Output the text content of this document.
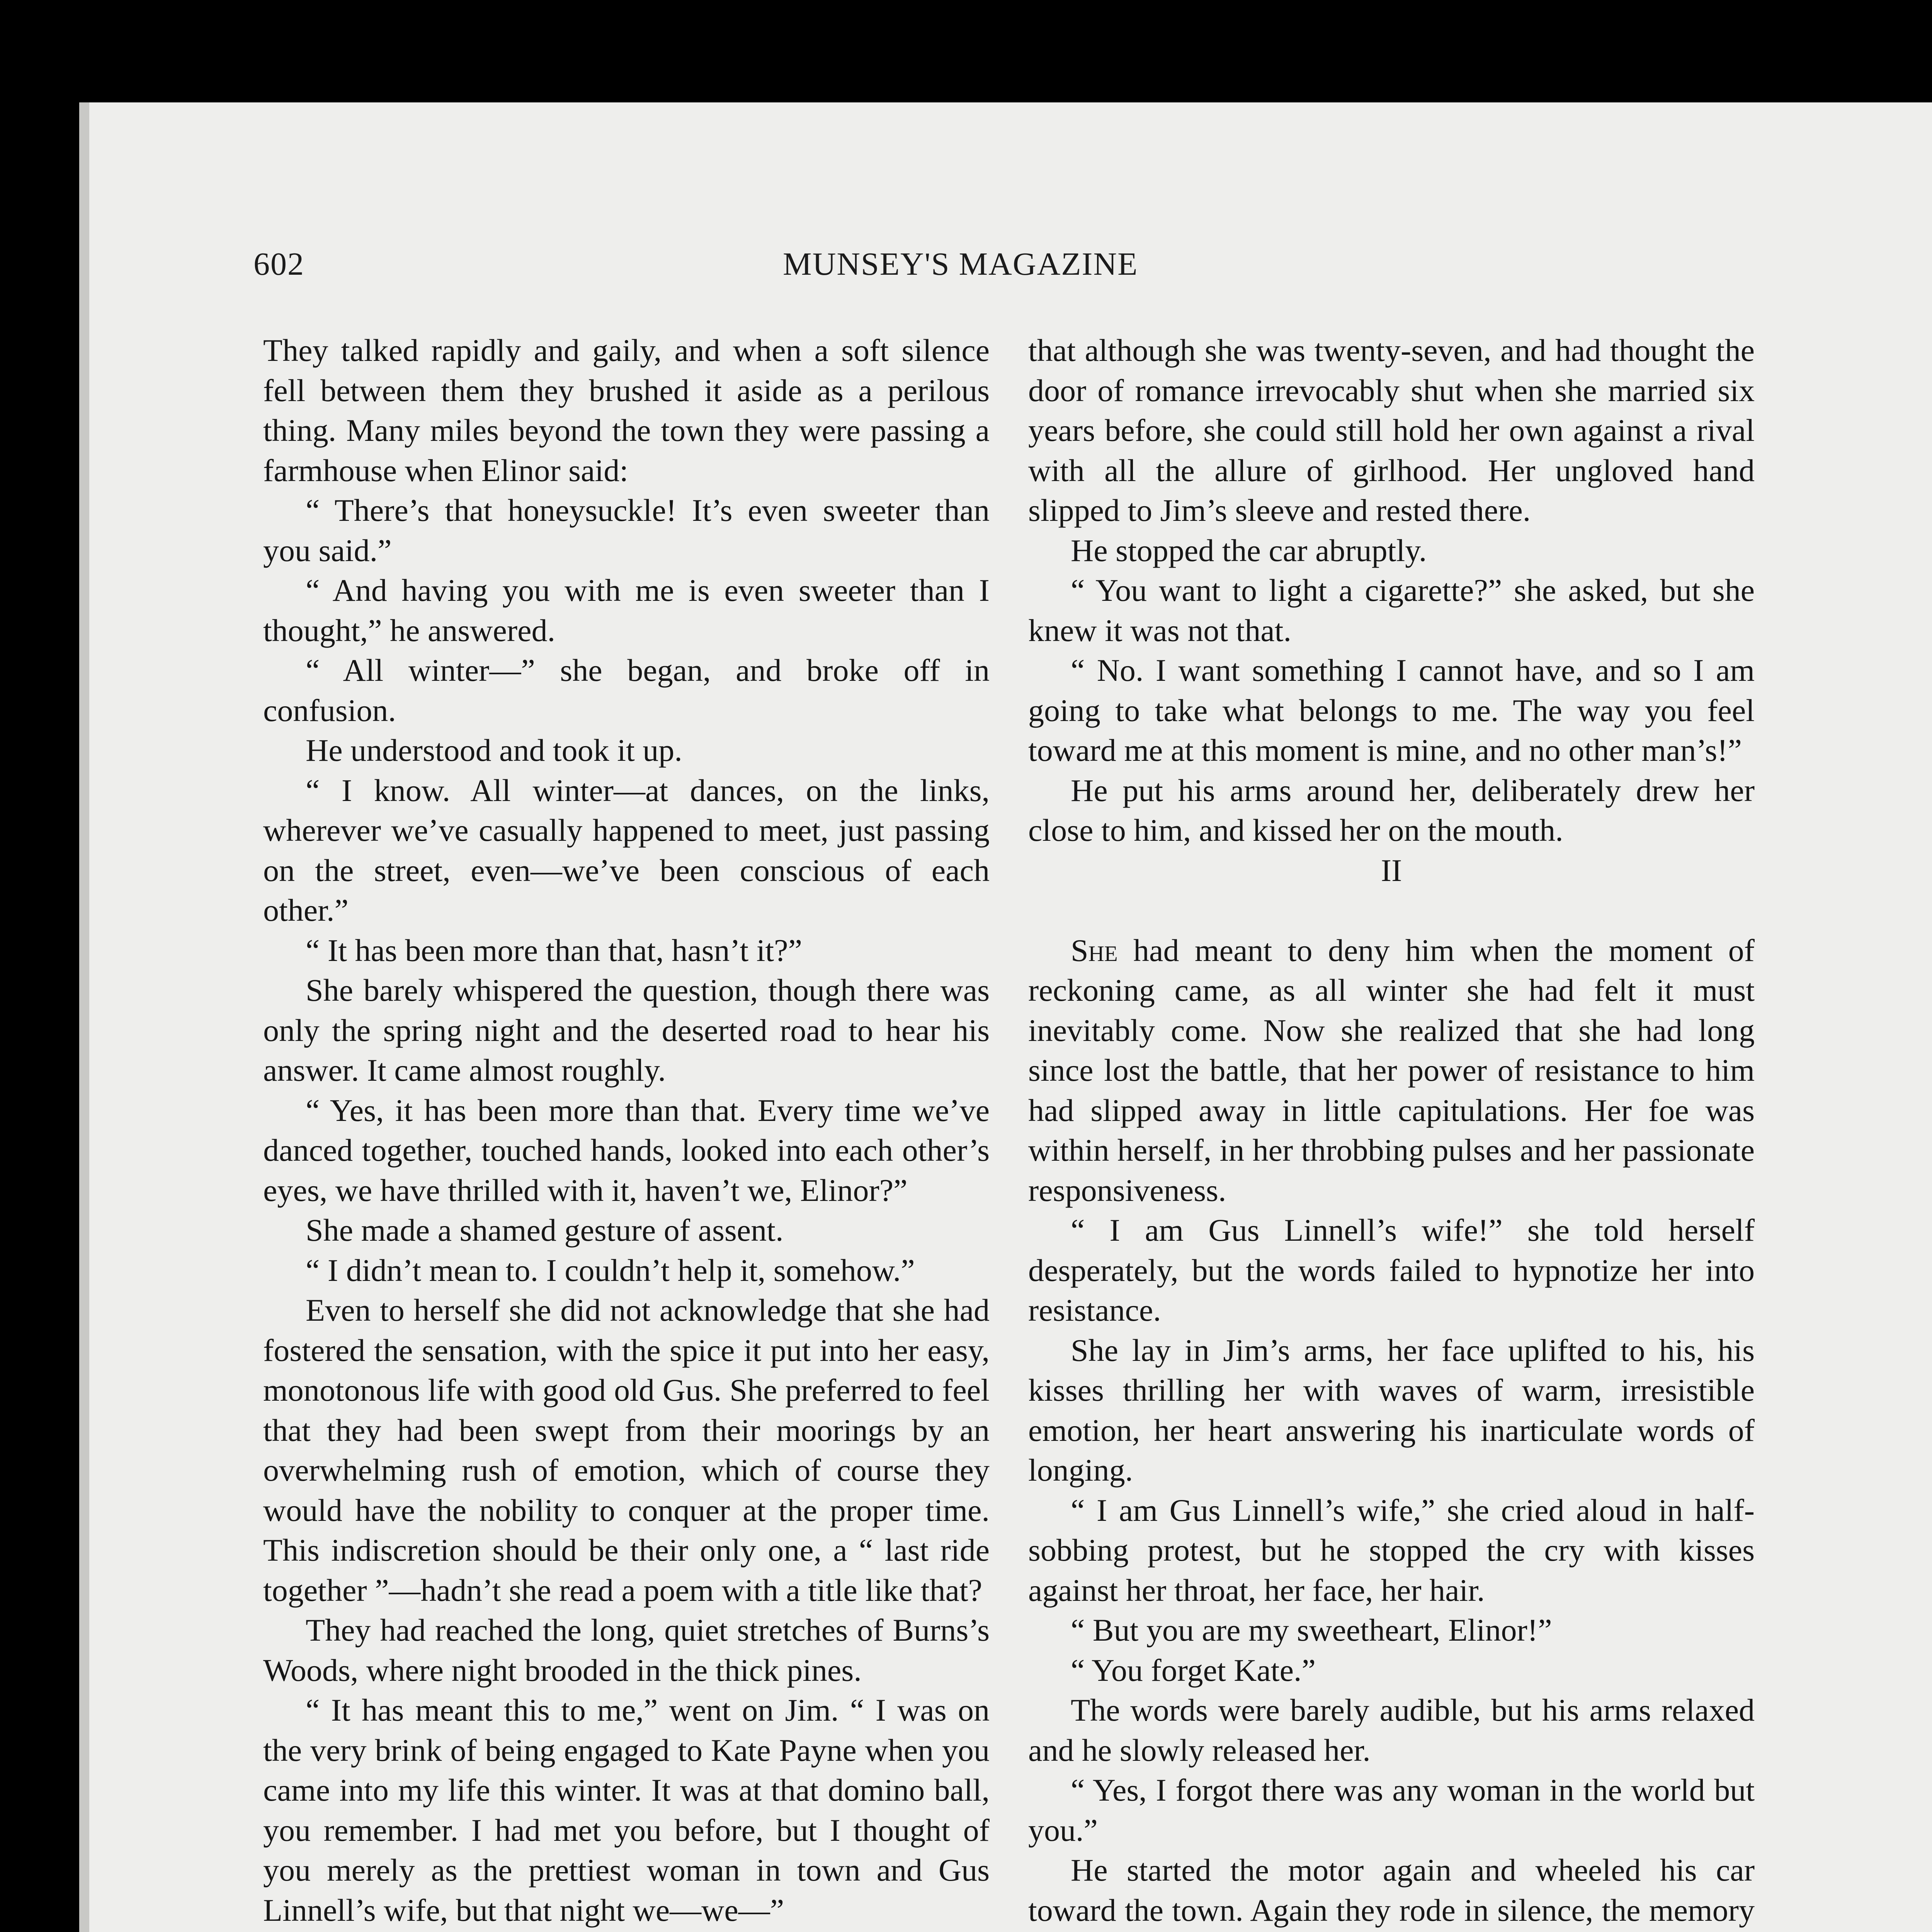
602	MUNSEY'S MAGAZINE

They talked rapidly and gaily, and when a soft silence fell between them they brushed it aside as a perilous thing. Many miles beyond the town they were passing a farmhouse when Elinor said:

“ There’s that honeysuckle! It’s even sweeter than you said.”

“ And having you with me is even sweeter than I thought,” he answered.

“ All winter—” she began, and broke off in confusion.

He understood and took it up.

“ I know. All winter—at dances, on the links, wherever we’ve casually happened to meet, just passing on the street, even—we’ve been conscious of each other.”

“ It has been more than that, hasn’t it?”

She barely whispered the question, though there was only the spring night and the deserted road to hear his answer. It came almost roughly.

“ Yes, it has been more than that. Every time we’ve danced together, touched hands, looked into each other’s eyes, we have thrilled with it, haven’t we, Elinor?”

She made a shamed gesture of assent.

“ I didn’t mean to. I couldn’t help it, somehow.”

Even to herself she did not acknowledge that she had fostered the sensation, with the spice it put into her easy, monotonous life with good old Gus. She preferred to feel that they had been swept from their moorings by an overwhelming rush of emotion, which of course they would have the nobility to conquer at the proper time. This indiscretion should be their only one, a “ last ride together ”—hadn’t she read a poem with a title like that?

They had reached the long, quiet stretches of Burns’s Woods, where night brooded in the thick pines.

“ It has meant this to me,” went on Jim. “ I was on the very brink of being engaged to Kate Payne when you came into my life this winter. It was at that domino ball, you remember. I had met you before, but I thought of you merely as the prettiest woman in town and Gus Linnell’s wife, but that night we—we—”

that although she was twenty-seven, and had thought the door of romance irrevocably shut when she married six years before, she could still hold her own against a rival with all the allure of girlhood. Her ungloved hand slipped to Jim’s sleeve and rested there.

He stopped the car abruptly.

“ You want to light a cigarette?” she asked, but she knew it was not that.

“ No. I want something I cannot have, and so I am going to take what belongs to me. The way you feel toward me at this moment is mine, and no other man’s!”

He put his arms around her, deliberately drew her close to him, and kissed her on the mouth.

II

She had meant to deny him when the moment of reckoning came, as all winter she had felt it must inevitably come. Now she realized that she had long since lost the battle, that her power of resistance to him had slipped away in little capitulations. Her foe was within herself, in her throbbing pulses and her passionate responsiveness.

“ I am Gus Linnell’s wife!” she told herself desperately, but the words failed to hypnotize her into resistance.

She lay in Jim’s arms, her face uplifted to his, his kisses thrilling her with waves of warm, irresistible emotion, her heart answering his inarticulate words of longing.

“ I am Gus Linnell’s wife,” she cried aloud in half-sobbing protest, but he stopped the cry with kisses against her throat, her face, her hair.

“ But you are my sweetheart, Elinor!”

“ You forget Kate.”

The words were barely audible, but his arms relaxed and he slowly released her.

“ Yes, I forgot there was any woman in the world but you.”

He started the motor again and wheeled his car toward the town. Again they rode in silence, the memory
